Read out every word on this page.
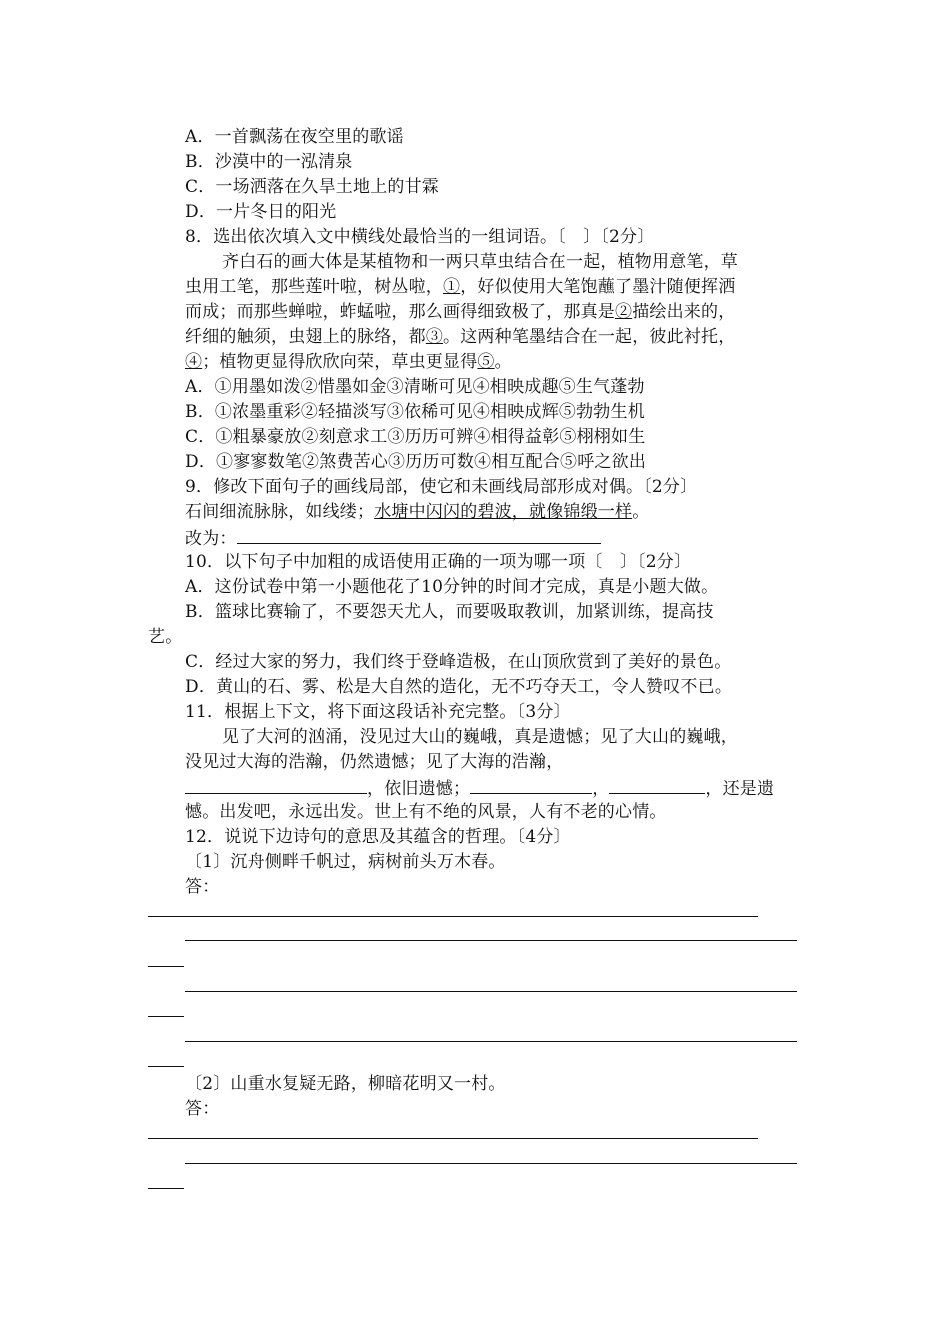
A．一首飘荡在夜空里的歌谣
B．沙漠中的一泓清泉
C．一场洒落在久旱土地上的甘霖
D．一片冬日的阳光
8．选出依次填入文中横线处最恰当的一组词语。〔　〕〔2分〕
齐白石的画大体是某植物和一两只草虫结合在一起，植物用意笔，草
虫用工笔，那些莲叶啦，树丛啦，①，好似使用大笔饱蘸了墨汁随便挥洒
而成；而那些蝉啦，蚱蜢啦，那么画得细致极了，那真是②描绘出来的，
纤细的触须，虫翅上的脉络，都③。这两种笔墨结合在一起，彼此衬托，
④；植物更显得欣欣向荣，草虫更显得⑤。
A．①用墨如泼②惜墨如金③清晰可见④相映成趣⑤生气蓬勃
B．①浓墨重彩②轻描淡写③依稀可见④相映成辉⑤勃勃生机
C．①粗暴豪放②刻意求工③历历可辨④相得益彰⑤栩栩如生
D．①寥寥数笔②煞费苦心③历历可数④相互配合⑤呼之欲出
9．修改下面句子的画线局部，使它和未画线局部形成对偶。〔2分〕
石间细流脉脉，如线缕；水塘中闪闪的碧波，就像锦缎一样。
改为：
10．以下句子中加粗的成语使用正确的一项为哪一项〔　〕〔2分〕
A．这份试卷中第一小题他花了10分钟的时间才完成，真是小题大做。
B．篮球比赛输了，不要怨天尤人，而要吸取教训，加紧训练，提高技
艺。
C．经过大家的努力，我们终于登峰造极，在山顶欣赏到了美好的景色。
D．黄山的石、雾、松是大自然的造化，无不巧夺天工，令人赞叹不已。
11．根据上下文，将下面这段话补充完整。〔3分〕
见了大河的汹涌，没见过大山的巍峨，真是遗憾；见了大山的巍峨，
没见过大海的浩瀚，仍然遗憾；见了大海的浩瀚，
，依旧遗憾；	，	，还是遗
憾。出发吧，永远出发。世上有不绝的风景，人有不老的心情。
12．说说下边诗句的意思及其蕴含的哲理。〔4分〕
〔1〕沉舟侧畔千帆过，病树前头万木春。
答：
〔2〕山重水复疑无路，柳暗花明又一村。
答：
